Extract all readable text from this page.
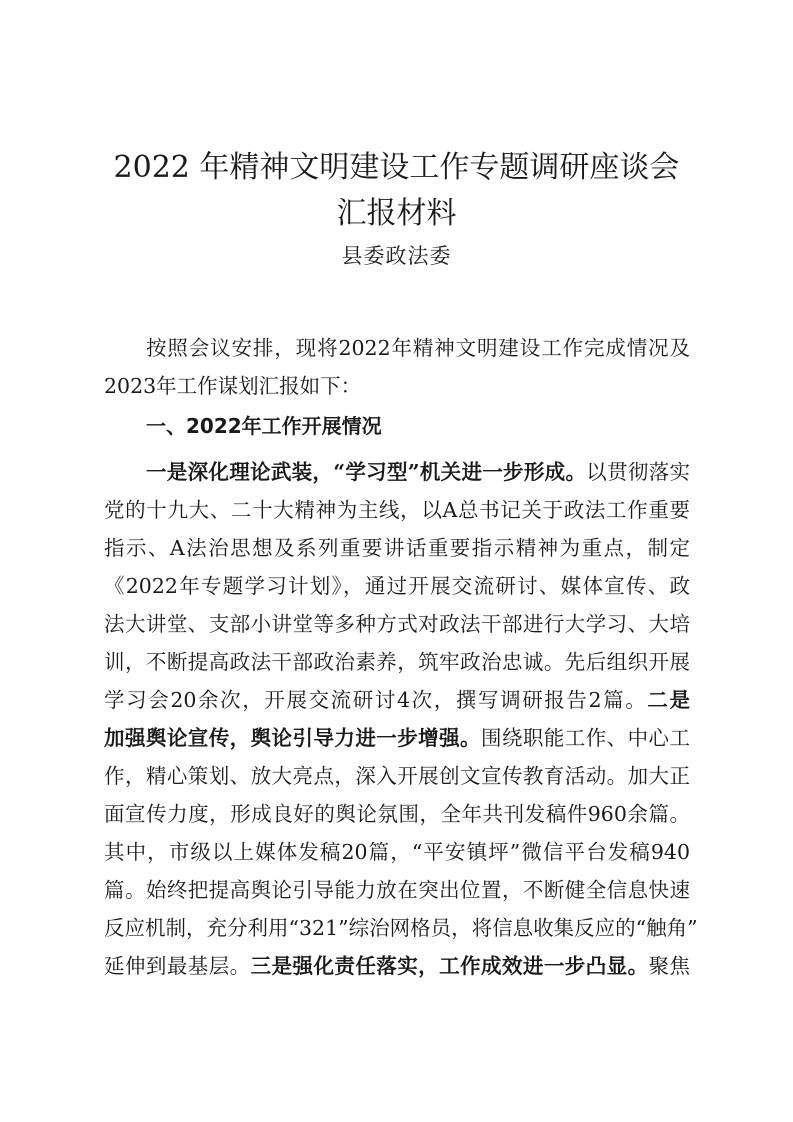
2022 年精神文明建设工作专题调研座谈会
汇报材料
县委政法委
按照会议安排，现将2022年精神文明建设工作完成情况及
2023年工作谋划汇报如下：
一、2022年工作开展情况
一是深化理论武装，“学习型”机关进一步形成。以贯彻落实
党的十九大、二十大精神为主线，以A总书记关于政法工作重要
指示、A法治思想及系列重要讲话重要指示精神为重点，制定
《2022年专题学习计划》，通过开展交流研讨、媒体宣传、政
法大讲堂、支部小讲堂等多种方式对政法干部进行大学习、大培
训，不断提高政法干部政治素养，筑牢政治忠诚。先后组织开展
学习会20余次，开展交流研讨4次，撰写调研报告2篇。二是
加强舆论宣传，舆论引导力进一步增强。围绕职能工作、中心工
作，精心策划、放大亮点，深入开展创文宣传教育活动。加大正
面宣传力度，形成良好的舆论氛围，全年共刊发稿件960余篇。
其中，市级以上媒体发稿20篇，“平安镇坪”微信平台发稿940
篇。始终把提高舆论引导能力放在突出位置，不断健全信息快速
反应机制，充分利用“321”综治网格员，将信息收集反应的“触角”
延伸到最基层。三是强化责任落实，工作成效进一步凸显。聚焦
